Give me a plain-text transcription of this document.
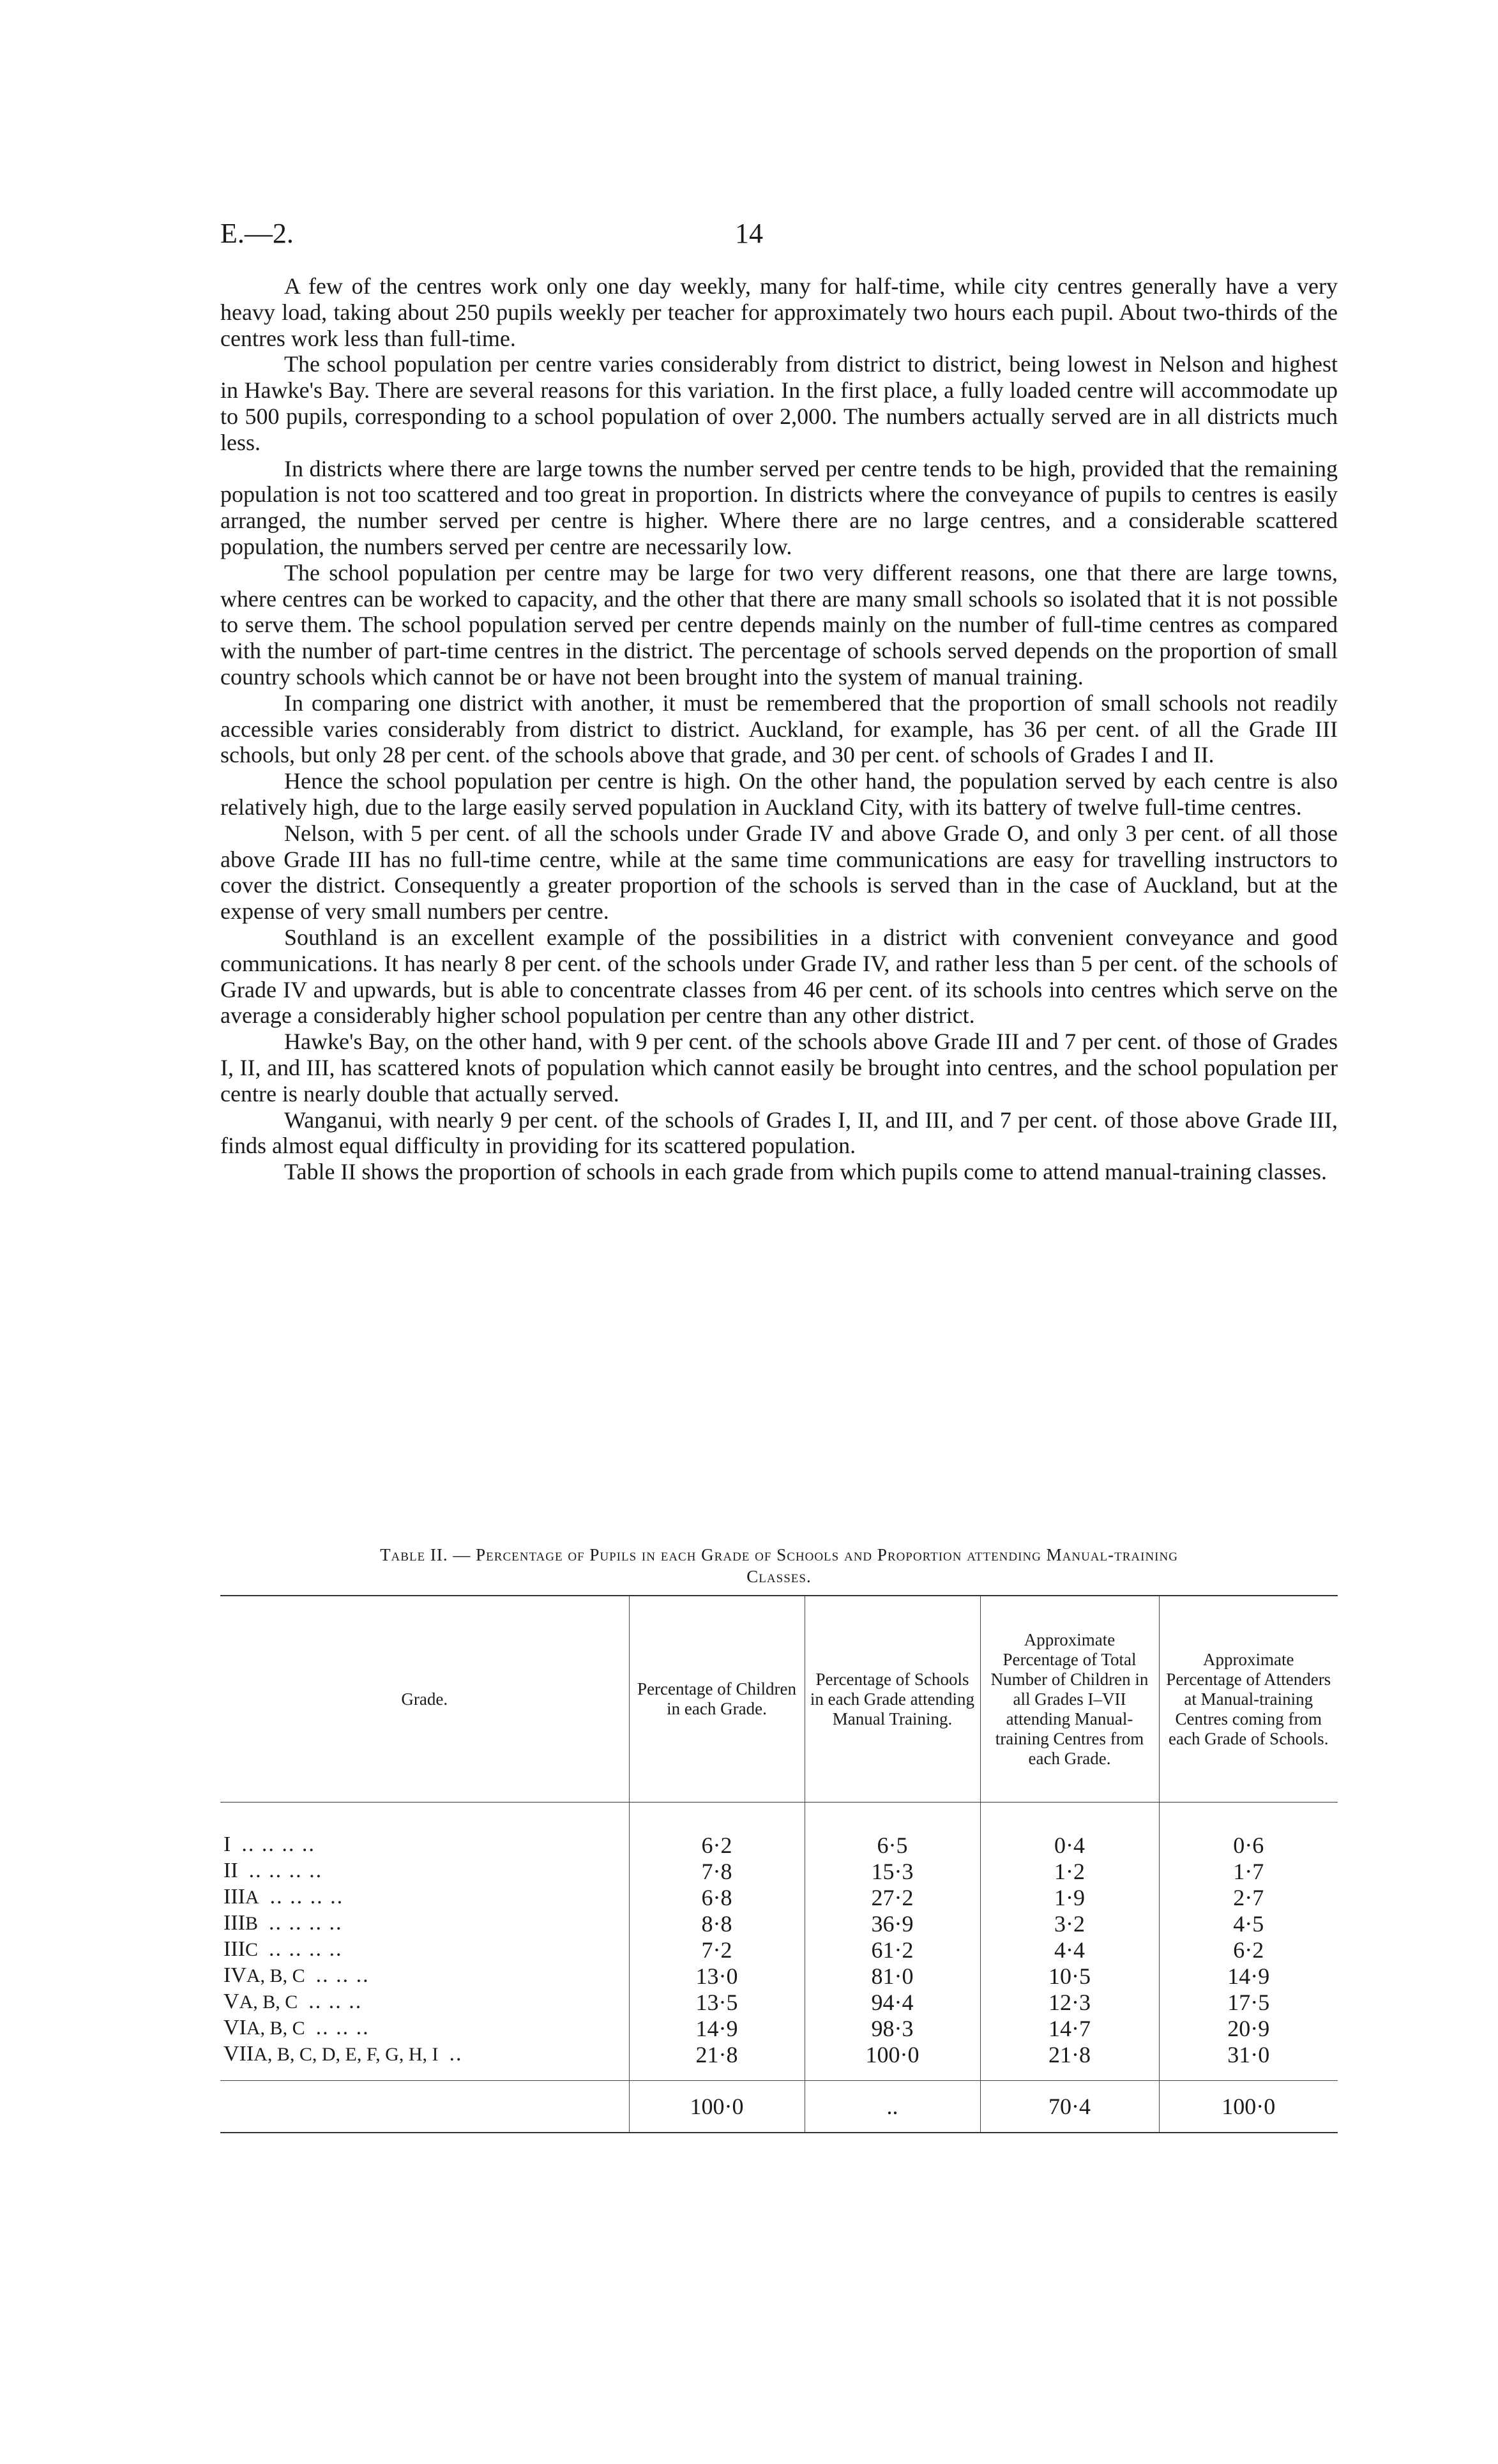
E.—2.	14

A few of the centres work only one day weekly, many for half-time, while city centres generally have a very heavy load, taking about 250 pupils weekly per teacher for approximately two hours each pupil. About two-thirds of the centres work less than full-time.

The school population per centre varies considerably from district to district, being lowest in Nelson and highest in Hawke's Bay. There are several reasons for this variation. In the first place, a fully loaded centre will accommodate up to 500 pupils, corresponding to a school population of over 2,000. The numbers actually served are in all districts much less.

In districts where there are large towns the number served per centre tends to be high, provided that the remaining population is not too scattered and too great in proportion. In districts where the conveyance of pupils to centres is easily arranged, the number served per centre is higher. Where there are no large centres, and a considerable scattered population, the numbers served per centre are necessarily low.

The school population per centre may be large for two very different reasons, one that there are large towns, where centres can be worked to capacity, and the other that there are many small schools so isolated that it is not possible to serve them. The school population served per centre depends mainly on the number of full-time centres as compared with the number of part-time centres in the district. The percentage of schools served depends on the proportion of small country schools which cannot be or have not been brought into the system of manual training.

In comparing one district with another, it must be remembered that the proportion of small schools not readily accessible varies considerably from district to district. Auckland, for example, has 36 per cent. of all the Grade III schools, but only 28 per cent. of the schools above that grade, and 30 per cent. of schools of Grades I and II.

Hence the school population per centre is high. On the other hand, the population served by each centre is also relatively high, due to the large easily served population in Auckland City, with its battery of twelve full-time centres.

Nelson, with 5 per cent. of all the schools under Grade IV and above Grade O, and only 3 per cent. of all those above Grade III has no full-time centre, while at the same time communications are easy for travelling instructors to cover the district. Consequently a greater proportion of the schools is served than in the case of Auckland, but at the expense of very small numbers per centre.

Southland is an excellent example of the possibilities in a district with convenient conveyance and good communications. It has nearly 8 per cent. of the schools under Grade IV, and rather less than 5 per cent. of the schools of Grade IV and upwards, but is able to concentrate classes from 46 per cent. of its schools into centres which serve on the average a considerably higher school population per centre than any other district.

Hawke's Bay, on the other hand, with 9 per cent. of the schools above Grade III and 7 per cent. of those of Grades I, II, and III, has scattered knots of population which cannot easily be brought into centres, and the school population per centre is nearly double that actually served.

Wanganui, with nearly 9 per cent. of the schools of Grades I, II, and III, and 7 per cent. of those above Grade III, finds almost equal difficulty in providing for its scattered population.

Table II shows the proportion of schools in each grade from which pupils come to attend manual-training classes.

Table II. — Percentage of Pupils in each Grade of Schools and Proportion attending Manual-training
Classes.
Grade.	Percentage of Children in each Grade.	Percentage of Schools in each Grade attending Manual Training.	Approximate Percentage of Total Number of Children in all Grades I–VII attending Manual-training Centres from each Grade.	Approximate Percentage of Attenders at Manual-training Centres coming from each Grade of Schools.

I .. .. .. ..	6·2	6·5	0·4	0·6
II .. .. .. ..	7·8	15·3	1·2	1·7
IIIA .. .. .. ..	6·8	27·2	1·9	2·7
IIIB .. .. .. ..	8·8	36·9	3·2	4·5
IIIC .. .. .. ..	7·2	61·2	4·4	6·2
IVA, B, C .. .. ..	13·0	81·0	10·5	14·9
VA, B, C .. .. ..	13·5	94·4	12·3	17·5
VIA, B, C .. .. ..	14·9	98·3	14·7	20·9
VIIA, B, C, D, E, F, G, H, I ..	21·8	100·0	21·8	31·0

	100·0	..	70·4	100·0
